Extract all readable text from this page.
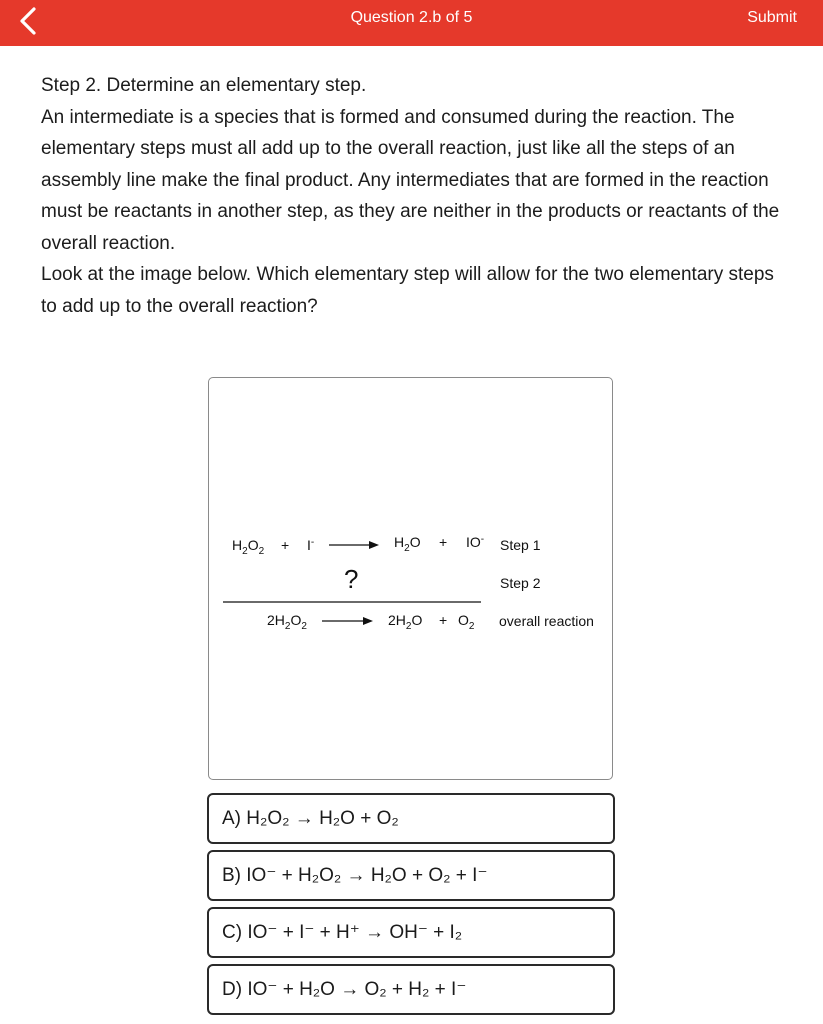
Question 2.b of 5	Submit

Step 2. Determine an elementary step.

An intermediate is a species that is formed and consumed during the reaction. The elementary steps must all add up to the overall reaction, just like all the steps of an assembly line make the final product. Any intermediates that are formed in the reaction must be reactants in another step, as they are neither in the products or reactants of the overall reaction.

Look at the image below. Which elementary step will allow for the two elementary steps to add up to the overall reaction?

$H_2O_2 + I^-$	$H_2O + IO^-$ Step 1
?	Step 2
$2H_2O_2$	$2H_2O + O_2$ overall reaction
A) H₂O₂ → H₂O + O₂
B) IO⁻ + H₂O₂ → H₂O + O₂ + I⁻
C) IO⁻ + I⁻ + H⁺ → OH⁻ + I₂
D) IO⁻ + H₂O → O₂ + H₂ + I⁻
